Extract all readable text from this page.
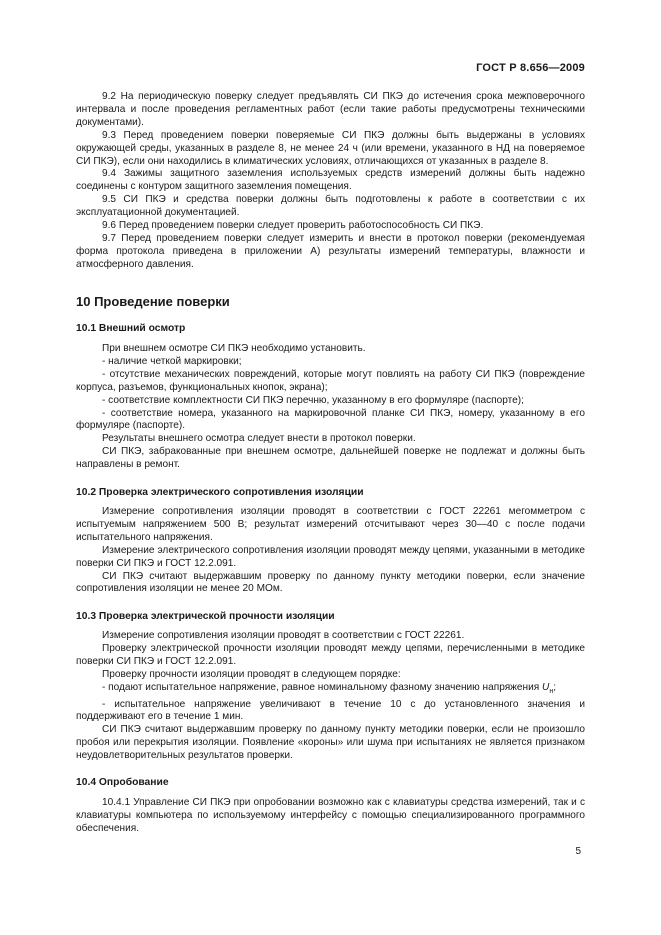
ГОСТ Р 8.656—2009

9.2 На периодическую поверку следует предъявлять СИ ПКЭ до истечения срока межповерочного интервала и после проведения регламентных работ (если такие работы предусмотрены техническими документами).

9.3 Перед проведением поверки поверяемые СИ ПКЭ должны быть выдержаны в условиях окружающей среды, указанных в разделе 8, не менее 24 ч (или времени, указанного в НД на поверяемое СИ ПКЭ), если они находились в климатических условиях, отличающихся от указанных в разделе 8.

9.4 Зажимы защитного заземления используемых средств измерений должны быть надежно соединены с контуром защитного заземления помещения.

9.5 СИ ПКЭ и средства поверки должны быть подготовлены к работе в соответствии с их эксплуатационной документацией.

9.6 Перед проведением поверки следует проверить работоспособность СИ ПКЭ.

9.7 Перед проведением поверки следует измерить и внести в протокол поверки (рекомендуемая форма протокола приведена в приложении А) результаты измерений температуры, влажности и атмосферного давления.

10 Проведение поверки
10.1 Внешний осмотр

При внешнем осмотре СИ ПКЭ необходимо установить.

- наличие четкой маркировки;

- отсутствие механических повреждений, которые могут повлиять на работу СИ ПКЭ (повреждение корпуса, разъемов, функциональных кнопок, экрана);

- соответствие комплектности СИ ПКЭ перечню, указанному в его формуляре (паспорте);

- соответствие номера, указанного на маркировочной планке СИ ПКЭ, номеру, указанному в его формуляре (паспорте).

Результаты внешнего осмотра следует внести в протокол поверки.

СИ ПКЭ, забракованные при внешнем осмотре, дальнейшей поверке не подлежат и должны быть направлены в ремонт.

10.2 Проверка электрического сопротивления изоляции

Измерение сопротивления изоляции проводят в соответствии с ГОСТ 22261 мегомметром с испытуемым напряжением 500 В; результат измерений отсчитывают через 30—40 с после подачи испытательного напряжения.

Измерение электрического сопротивления изоляции проводят между цепями, указанными в методике поверки СИ ПКЭ и ГОСТ 12.2.091.

СИ ПКЭ считают выдержавшим проверку по данному пункту методики поверки, если значение сопротивления изоляции не менее 20 МОм.

10.3 Проверка электрической прочности изоляции

Измерение сопротивления изоляции проводят в соответствии с ГОСТ 22261.

Проверку электрической прочности изоляции проводят между цепями, перечисленными в методике поверки СИ ПКЭ и ГОСТ 12.2.091.

Проверку прочности изоляции проводят в следующем порядке:

- подают испытательное напряжение, равное номинальному фазному значению напряжения $U_н$;

- испытательное напряжение увеличивают в течение 10 с до установленного значения и поддерживают его в течение 1 мин.

СИ ПКЭ считают выдержавшим проверку по данному пункту методики поверки, если не произошло пробоя или перекрытия изоляции. Появление «короны» или шума при испытаниях не является признаком неудовлетворительных результатов проверки.

10.4 Опробование

10.4.1 Управление СИ ПКЭ при опробовании возможно как с клавиатуры средства измерений, так и с клавиатуры компьютера по используемому интерфейсу с помощью специализированного программного обеспечения.

5
